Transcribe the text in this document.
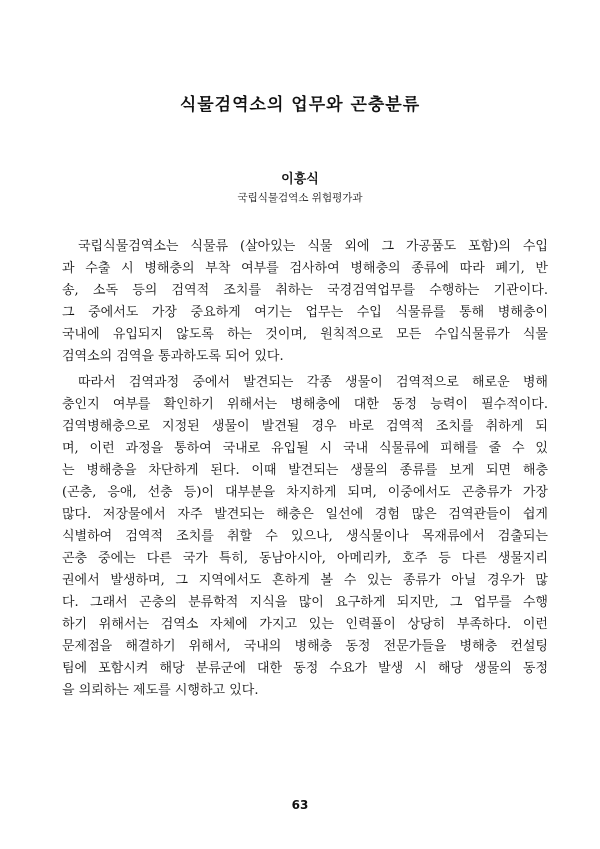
식물검역소의 업무와 곤충분류
이흥식
국립식물검역소 위험평가과
국립식물검역소는 식물류 (살아있는 식물 외에 그 가공품도 포함)의 수입
과 수출 시 병해충의 부착 여부를 검사하여 병해충의 종류에 따라 폐기, 반
송, 소독 등의 검역적 조치를 취하는 국경검역업무를 수행하는 기관이다.
그 중에서도 가장 중요하게 여기는 업무는 수입 식물류를 통해 병해충이
국내에 유입되지 않도록 하는 것이며, 원칙적으로 모든 수입식물류가 식물
검역소의 검역을 통과하도록 되어 있다.
따라서 검역과정 중에서 발견되는 각종 생물이 검역적으로 해로운 병해
충인지 여부를 확인하기 위해서는 병해충에 대한 동정 능력이 필수적이다.
검역병해충으로 지정된 생물이 발견될 경우 바로 검역적 조치를 취하게 되
며, 이런 과정을 통하여 국내로 유입될 시 국내 식물류에 피해를 줄 수 있
는 병해충을 차단하게 된다. 이때 발견되는 생물의 종류를 보게 되면 해충
(곤충, 응애, 선충 등)이 대부분을 차지하게 되며, 이중에서도 곤충류가 가장
많다. 저장물에서 자주 발견되는 해충은 일선에 경험 많은 검역관들이 쉽게
식별하여 검역적 조치를 취할 수 있으나, 생식물이나 목재류에서 검출되는
곤충 중에는 다른 국가 특히, 동남아시아, 아메리카, 호주 등 다른 생물지리
권에서 발생하며, 그 지역에서도 흔하게 볼 수 있는 종류가 아닐 경우가 많
다. 그래서 곤충의 분류학적 지식을 많이 요구하게 되지만, 그 업무를 수행
하기 위해서는 검역소 자체에 가지고 있는 인력풀이 상당히 부족하다. 이런
문제점을 해결하기 위해서, 국내의 병해충 동정 전문가들을 병해충 컨설팅
팀에 포함시켜 해당 분류군에 대한 동정 수요가 발생 시 해당 생물의 동정
을 의뢰하는 제도를 시행하고 있다.
63
